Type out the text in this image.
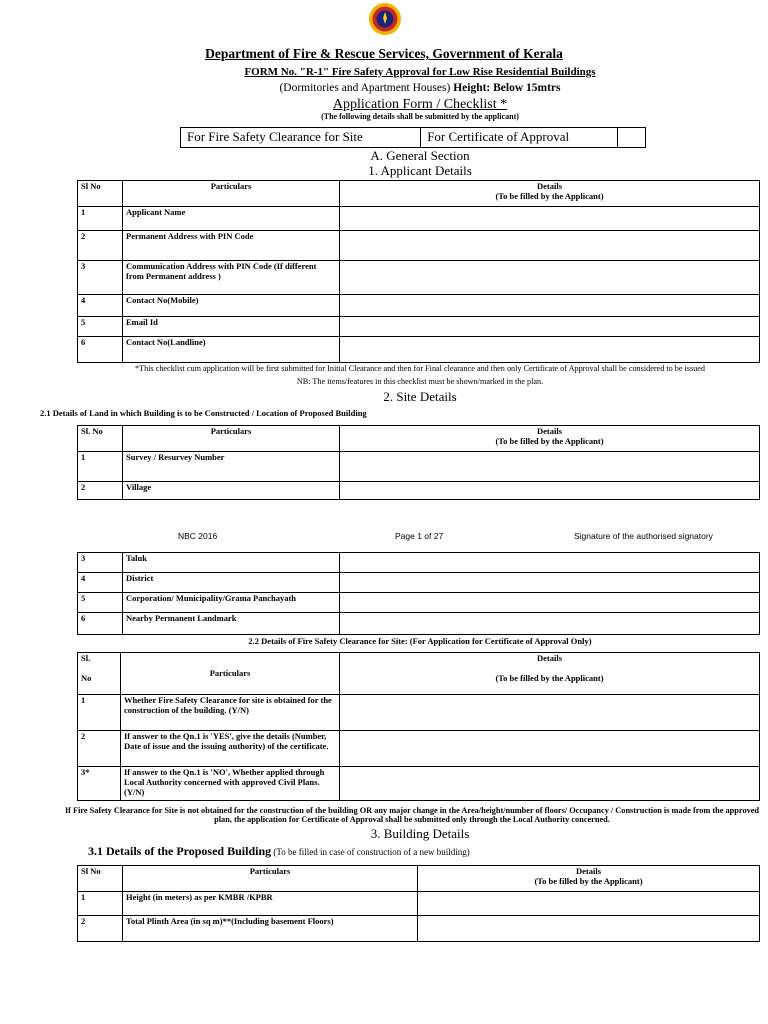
Department of Fire & Rescue Services, Government of Kerala
FORM No. "R-1" Fire Safety Approval for Low Rise Residential Buildings
(Dormitories and Apartment Houses) Height: Below 15mtrs
Application Form / Checklist *
(The following details shall be submitted by the applicant)
For Fire Safety Clearance for Site	For Certificate of Approval	
A. General Section
1. Applicant Details
Sl No	Particulars	Details
(To be filled by the Applicant)
1	Applicant Name	
2	Permanent Address with PIN Code	
3	Communication Address with PIN Code (If different from Permanent address )	
4	Contact No(Mobile)	
5	Email Id	
6	Contact No(Landline)	
*This checklist cum application will be first submitted for Initial Clearance and then for Final clearance and then only Certificate of Approval shall be considered to be issued
NB: The items/features in this checklist must be shown/marked in the plan.
2. Site Details
2.1 Details of Land in which Building is to be Constructed / Location of Proposed Building
Sl. No	Particulars	Details
(To be filled by the Applicant)
1	Survey / Resurvey Number	
2	Village	
NBC 2016	Page 1 of 27	Signature of the authorised signatory
3	Taluk	
4	District	
5	Corporation/ Municipality/Grama Panchayath	
6	Nearby Permanent Landmark	
2.2 Details of Fire Safety Clearance for Site: (For Application for Certificate of Approval Only)
Sl.

No	Particulars	Details

(To be filled by the Applicant)
1	Whether Fire Safety Clearance for site is obtained for the construction of the building. (Y/N)	
2	If answer to the Qn.1 is 'YES', give the details (Number, Date of issue and the issuing authority) of the certificate.	
3*	If answer to the Qn.1 is 'NO', Whether applied through Local Authority concerned with approved Civil Plans. (Y/N)	
If Fire Safety Clearance for Site is not obtained for the construction of the building OR any major change in the Area/height/number of floors/ Occupancy / Construction is made from the approved plan, the application for Certificate of Approval shall be submitted only through the Local Authority concerned.
3. Building Details
3.1 Details of the Proposed Building (To be filled in case of construction of a new building)
Sl No	Particulars	Details
(To be filled by the Applicant)
1	Height (in meters) as per KMBR /KPBR	
2	Total Plinth Area (in sq m)**(Including basement Floors)	
